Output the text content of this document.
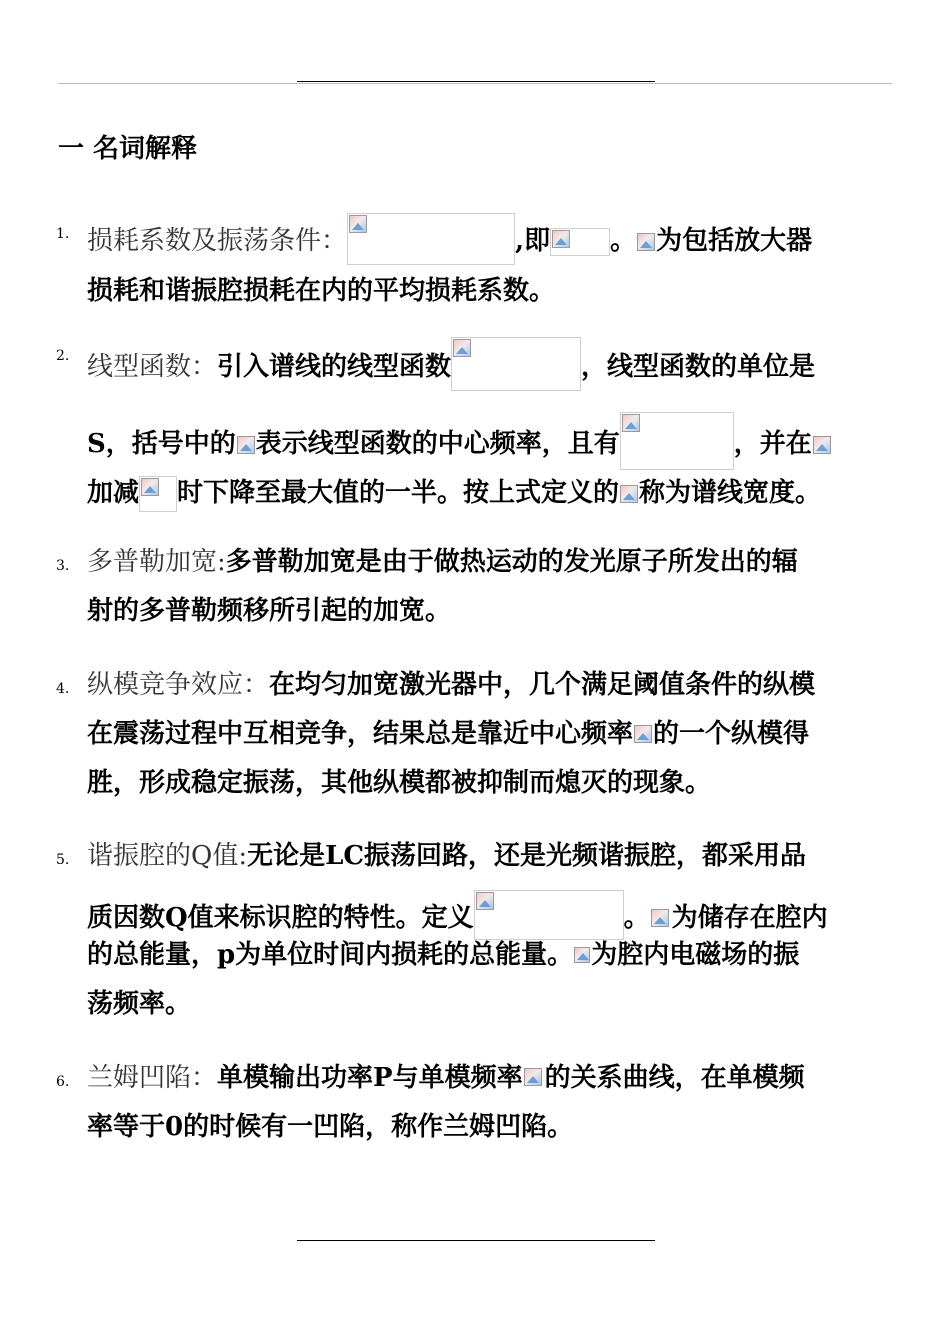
一 名词解释
1. 损耗系数及振荡条件：	,即 。 为包括放大器
损耗和谐振腔损耗在内的平均损耗系数。
2. 线型函数：引入谱线的线型函数	，线型函数的单位是
S，括号中的 表示线型函数的中心频率，且有	，并在
加减 时下降至最大值的一半。按上式定义的 称为谱线宽度。
3. 多普勒加宽:多普勒加宽是由于做热运动的发光原子所发出的辐
射的多普勒频移所引起的加宽。
4. 纵模竞争效应：在均匀加宽激光器中，几个满足阈值条件的纵模
在震荡过程中互相竞争，结果总是靠近中心频率 的一个纵模得
胜，形成稳定振荡，其他纵模都被抑制而熄灭的现象。
5. 谐振腔的Q值:无论是LC振荡回路，还是光频谐振腔，都采用品
质因数Q值来标识腔的特性。定义	。 为储存在腔内
的总能量，p为单位时间内损耗的总能量。 为腔内电磁场的振
荡频率。
6. 兰姆凹陷：单模输出功率P与单模频率 的关系曲线，在单模频
率等于0的时候有一凹陷，称作兰姆凹陷。
